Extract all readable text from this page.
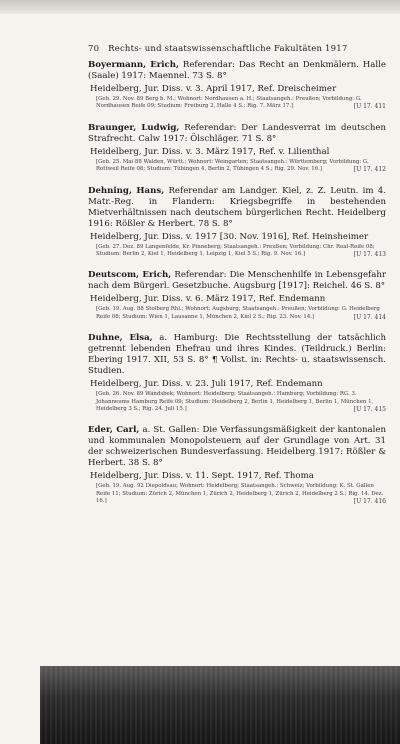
70 Rechts- und staatswissenschaftliche Fakultäten 1917
Boyermann, Erich, Referendar: Das Recht an Denkmälern. Halle (Saale) 1917: Maennel. 73 S. 8°
Heidelberg, Jur. Diss. v. 3. April 1917, Ref. Dreischeimer
[Geb. 29. Nov. 89 Berg b. M.; Wohnort: Nordhausen a. H.; Staatsangeh.: Preußen; Vorbildung: G. Nordhausen Reife 09; Studium: Freiburg 2, Halle 4 S.; Rig. 7. März 17.]	[U 17. 411
Braunger, Ludwig, Referendar: Der Landesverrat im deutschen Strafrecht. Calw 1917: Ölschläger. 71 S. 8°
Heidelberg, Jur. Diss. v. 3. März 1917, Ref. v. Lilienthal
[Geb. 25. Mai 88 Walden, Württ.; Wohnort: Weingarten; Staatsangeh.: Württemberg; Vorbildung: G. Rottweil Reife 08; Studium: Tübingen 4, Berlin 2, Tübingen 4 S.; Rig. 29. Nov. 16.]	[U 17. 412
Dehning, Hans, Referendar am Landger. Kiel, z. Z. Leutn. im 4. Matr.-Reg. in Flandern: Kriegsbegriffe in bestehenden Mietverhältnissen nach deutschem bürgerlichen Recht. Heidelberg 1916: Rößler & Herbert. 78 S. 8°
Heidelberg, Jur. Diss. v. 1917 [30. Nov. 1916], Ref. Heinsheimer
[Geb. 27. Dez. 89 Langenfelde, Kr. Pinneberg; Staatsangeh.: Preußen; Vorbildung: Chr. Real-Reife 08; Studium: Berlin 2, Kiel 1, Heidelberg 1, Leipzig 1, Kiel 5 S.; Rig. 9. Nov. 16.]	[U 17. 413
Deutscom, Erich, Referendar: Die Menschenhilfe in Lebensgefahr nach dem Bürgerl. Gesetzbuche. Augsburg [1917]: Reichel. 46 S. 8°
Heidelberg, Jur. Diss. v. 6. März 1917, Ref. Endemann
[Geb. 19. Aug. 88 Stolberg Rhl.; Wohnort: Augsburg; Staatsangeh.: Preußen; Vorbildung: G. Heidelberg Reife 08; Studium: Wien 1, Lausanne 1, München 2, Kiel 2 S.; Rig. 23. Nov. 14.]	[U 17. 414
Duhne, Elsa, a. Hamburg: Die Rechtsstellung der tatsächlich getrennt lebenden Ehefrau und ihres Kindes. (Teildruck.) Berlin: Ebering 1917. XII, 53 S. 8° ¶ Vollst. in: Rechts- u. staatswissensch. Studien.
Heidelberg, Jur. Diss. v. 23. Juli 1917, Ref. Endemann
[Geb. 26. Nov. 89 Wandsbek; Wohnort: Heidelberg; Staatsangeh.: Hamburg; Vorbildung: RG. 3. Johanneums Hamburg Reife 09; Studium: Heidelberg 2, Berlin 1, Heidelberg 1, Berlin 1, München 1, Heidelberg 3 S.; Rig. 24. Juli 15.]	[U 17. 415
Eder, Carl, a. St. Gallen: Die Verfassungsmäßigkeit der kantonalen und kommunalen Monopolsteuern auf der Grundlage von Art. 31 der schweizerischen Bundesverfassung. Heidelberg 1917: Rößler & Herbert. 38 S. 8°
Heidelberg, Jur. Diss. v. 11. Sept. 1917, Ref. Thoma
[Geb. 19. Aug. 92 Diepoldsau; Wohnort: Heidelberg; Staatsangeh.: Schweiz; Vorbildung: K. St. Gallen Reife 11; Studium: Zürich 2, München 1, Zürich 2, Heidelberg 1, Zürich 2, Heidelberg 2 S.; Rig. 14. Dez. 16.]	[U 17. 416
